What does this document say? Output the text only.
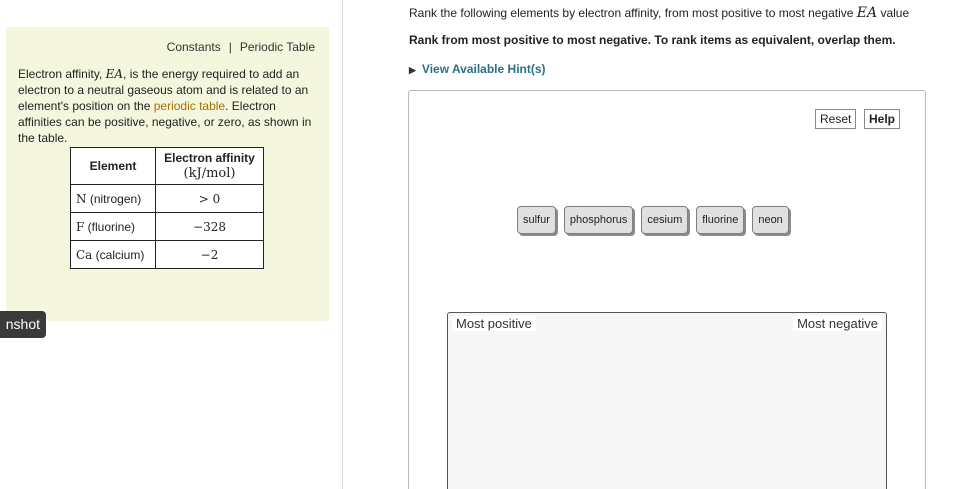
Constants | Periodic Table
Electron affinity, EA, is the energy required to add an electron to a neutral gaseous atom and is related to an element's position on the periodic table. Electron affinities can be positive, negative, or zero, as shown in the table.
Element	Electron affinity
(kJ/mol)

N (nitrogen)	> 0
F (fluorine)	−328
Ca (calcium)	−2
nshot
Rank the following elements by electron affinity, from most positive to most negative EA value
Rank from most positive to most negative. To rank items as equivalent, overlap them.
▶ View Available Hint(s)
Reset	Help
sulfur	phosphorus	cesium	fluorine	neon
Most positive	Most negative
